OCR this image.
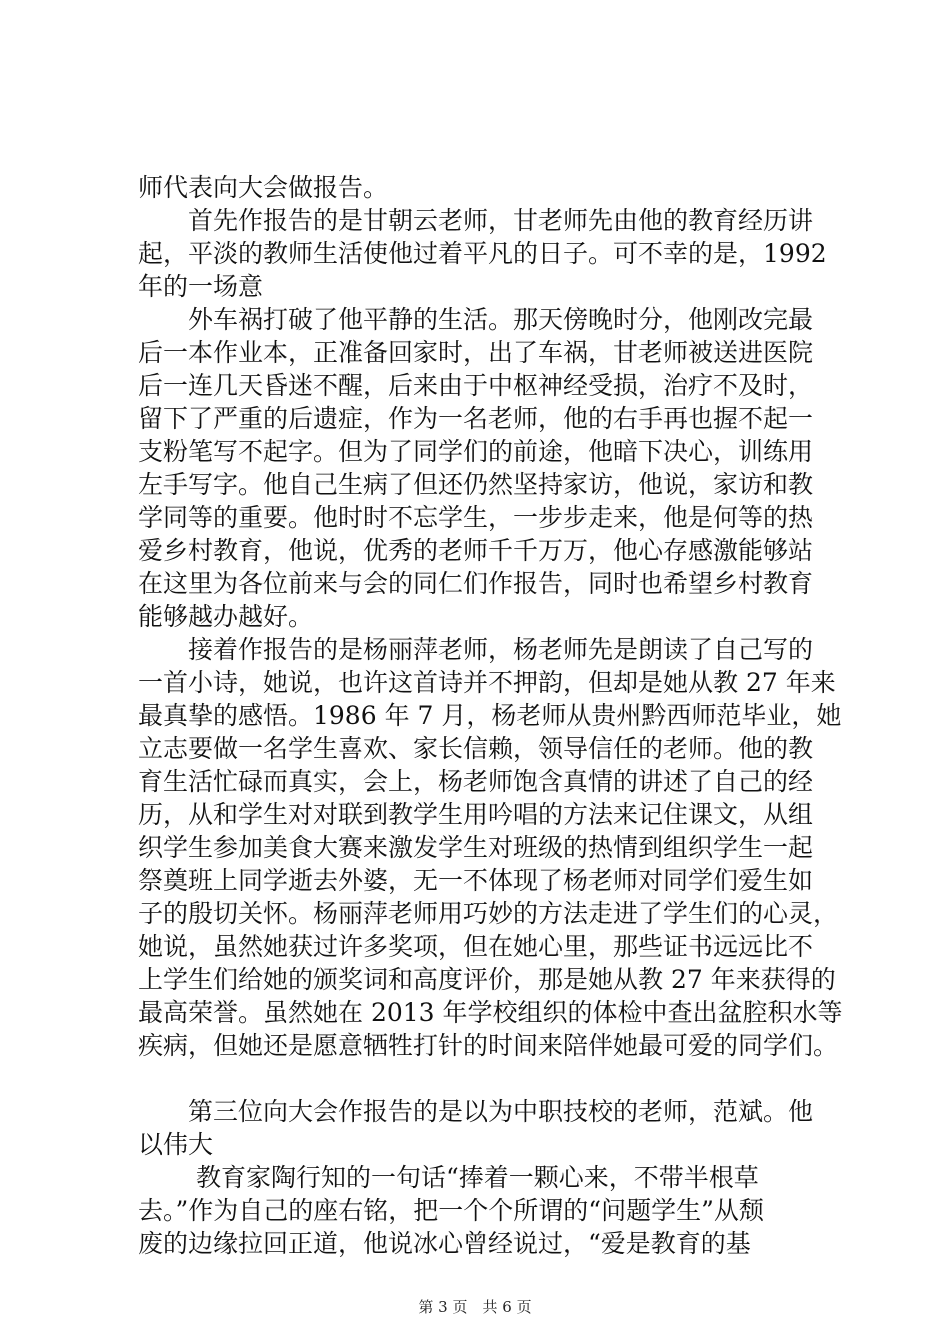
师代表向大会做报告。
　　首先作报告的是甘朝云老师，甘老师先由他的教育经历讲
起，平淡的教师生活使他过着平凡的日子。可不幸的是，1992
年的一场意
　　外车祸打破了他平静的生活。那天傍晚时分，他刚改完最
后一本作业本，正准备回家时，出了车祸，甘老师被送进医院
后一连几天昏迷不醒，后来由于中枢神经受损，治疗不及时，
留下了严重的后遗症，作为一名老师，他的右手再也握不起一
支粉笔写不起字。但为了同学们的前途，他暗下决心，训练用
左手写字。他自己生病了但还仍然坚持家访，他说，家访和教
学同等的重要。他时时不忘学生，一步步走来，他是何等的热
爱乡村教育，他说，优秀的老师千千万万，他心存感激能够站
在这里为各位前来与会的同仁们作报告，同时也希望乡村教育
能够越办越好。
　　接着作报告的是杨丽萍老师，杨老师先是朗读了自己写的
一首小诗，她说，也许这首诗并不押韵，但却是她从教 27 年来
最真挚的感悟。1986 年 7 月，杨老师从贵州黔西师范毕业，她
立志要做一名学生喜欢、家长信赖，领导信任的老师。他的教
育生活忙碌而真实，会上，杨老师饱含真情的讲述了自己的经
历，从和学生对对联到教学生用吟唱的方法来记住课文，从组
织学生参加美食大赛来激发学生对班级的热情到组织学生一起
祭奠班上同学逝去外婆，无一不体现了杨老师对同学们爱生如
子的殷切关怀。杨丽萍老师用巧妙的方法走进了学生们的心灵，
她说，虽然她获过许多奖项，但在她心里，那些证书远远比不
上学生们给她的颁奖词和高度评价，那是她从教 27 年来获得的
最高荣誉。虽然她在 2013 年学校组织的体检中查出盆腔积水等
疾病，但她还是愿意牺牲打针的时间来陪伴她最可爱的同学们。
　　第三位向大会作报告的是以为中职技校的老师，范斌。他
以伟大
　　 教育家陶行知的一句话“捧着一颗心来，不带半根草
去。”作为自己的座右铭，把一个个所谓的“问题学生”从颓
废的边缘拉回正道，他说冰心曾经说过，“爱是教育的基
第 3 页　共 6 页
